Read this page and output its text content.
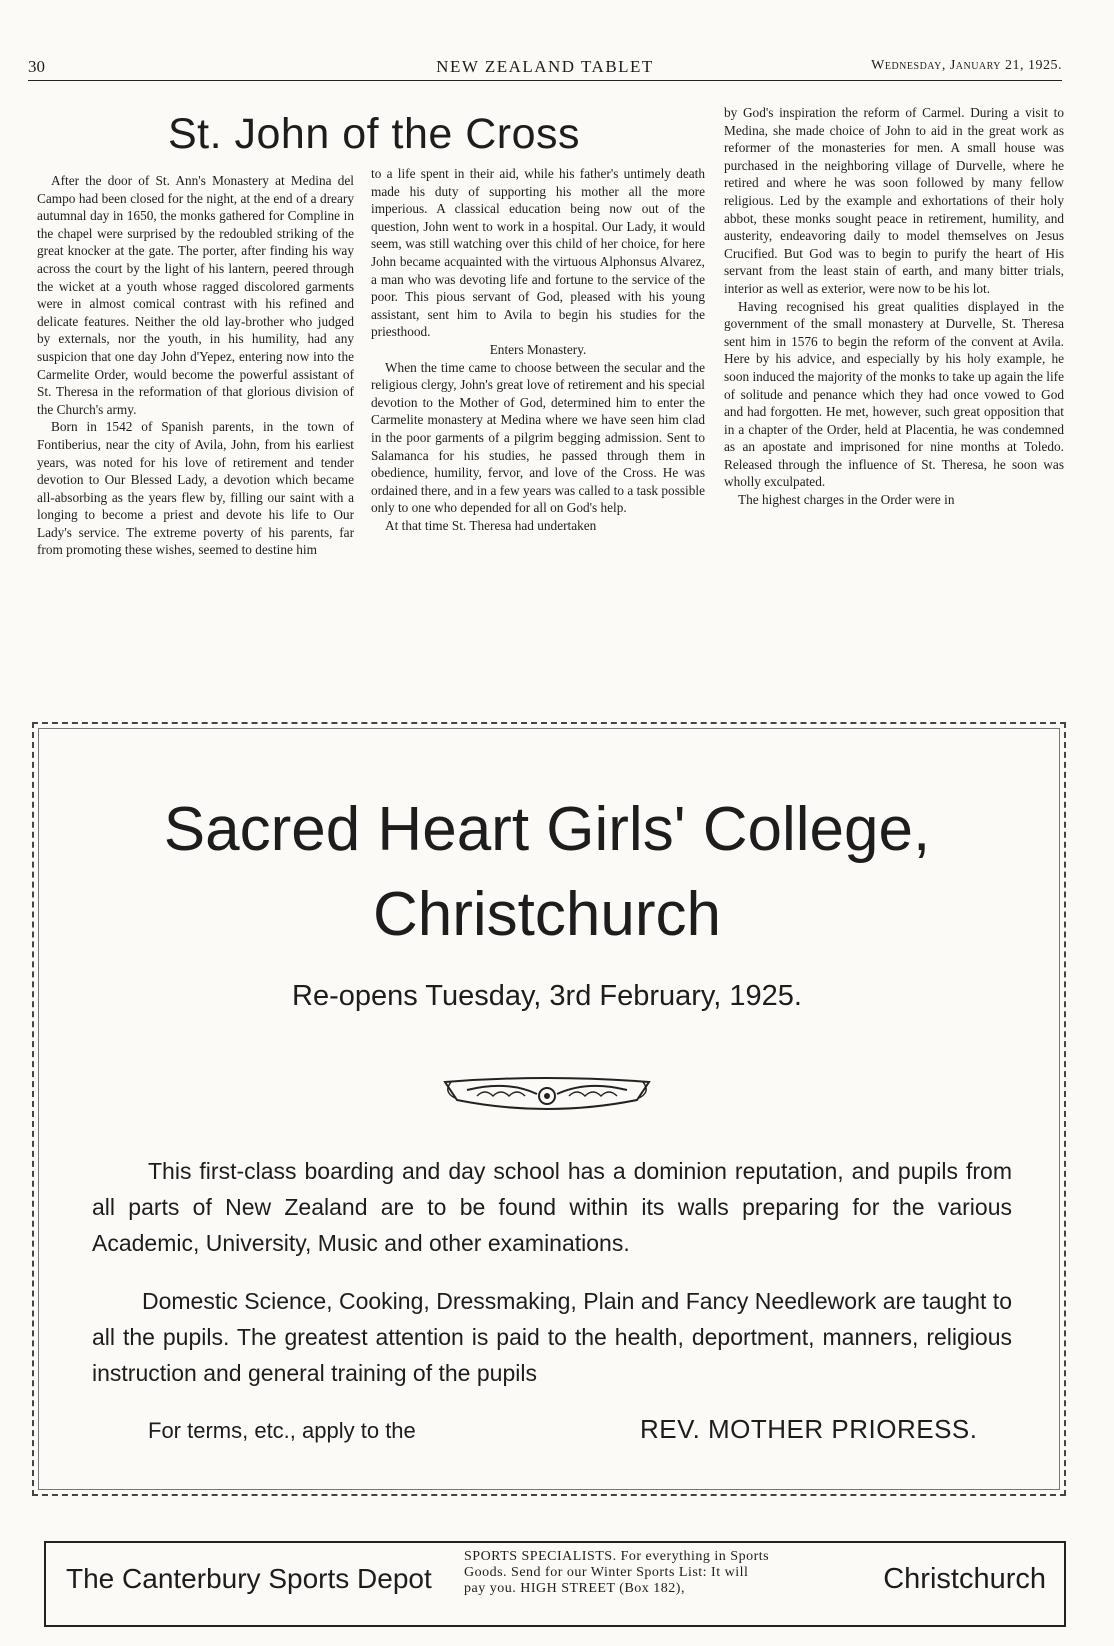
30	NEW ZEALAND TABLET	Wednesday, January 21, 1925.
St. John of the Cross

After the door of St. Ann's Monastery at Medina del Campo had been closed for the night, at the end of a dreary autumnal day in 1650, the monks gathered for Compline in the chapel were surprised by the redoubled striking of the great knocker at the gate. The porter, after finding his way across the court by the light of his lantern, peered through the wicket at a youth whose ragged discolored garments were in almost comical contrast with his refined and delicate features. Neither the old lay-brother who judged by externals, nor the youth, in his humility, had any suspicion that one day John d'Yepez, entering now into the Carmelite Order, would become the powerful assistant of St. Theresa in the reformation of that glorious division of the Church's army.

Born in 1542 of Spanish parents, in the town of Fontiberius, near the city of Avila, John, from his earliest years, was noted for his love of retirement and tender devotion to Our Blessed Lady, a devotion which became all-absorbing as the years flew by, filling our saint with a longing to become a priest and devote his life to Our Lady's service. The extreme poverty of his parents, far from promoting these wishes, seemed to destine him

to a life spent in their aid, while his father's untimely death made his duty of supporting his mother all the more imperious. A classical education being now out of the question, John went to work in a hospital. Our Lady, it would seem, was still watching over this child of her choice, for here John became acquainted with the virtuous Alphonsus Alvarez, a man who was devoting life and fortune to the service of the poor. This pious servant of God, pleased with his young assistant, sent him to Avila to begin his studies for the priesthood.

Enters Monastery.

When the time came to choose between the secular and the religious clergy, John's great love of retirement and his special devotion to the Mother of God, determined him to enter the Carmelite monastery at Medina where we have seen him clad in the poor garments of a pilgrim begging admission. Sent to Salamanca for his studies, he passed through them in obedience, humility, fervor, and love of the Cross. He was ordained there, and in a few years was called to a task possible only to one who depended for all on God's help.

At that time St. Theresa had undertaken

by God's inspiration the reform of Carmel. During a visit to Medina, she made choice of John to aid in the great work as reformer of the monasteries for men. A small house was purchased in the neighboring village of Durvelle, where he retired and where he was soon followed by many fellow religious. Led by the example and exhortations of their holy abbot, these monks sought peace in retirement, humility, and austerity, endeavoring daily to model themselves on Jesus Crucified. But God was to begin to purify the heart of His servant from the least stain of earth, and many bitter trials, interior as well as exterior, were now to be his lot.

Having recognised his great qualities displayed in the government of the small monastery at Durvelle, St. Theresa sent him in 1576 to begin the reform of the convent at Avila. Here by his advice, and especially by his holy example, he soon induced the majority of the monks to take up again the life of solitude and penance which they had once vowed to God and had forgotten. He met, however, such great opposition that in a chapter of the Order, held at Placentia, he was condemned as an apostate and imprisoned for nine months at Toledo. Released through the influence of St. Theresa, he soon was wholly exculpated.

The highest charges in the Order were in

Sacred Heart Girls' College,
Christchurch
Re-opens Tuesday, 3rd February, 1925.
This first-class boarding and day school has a dominion reputation, and pupils from all parts of New Zealand are to be found within its walls preparing for the various Academic, University, Music and other examinations.
Domestic Science, Cooking, Dressmaking, Plain and Fancy Needlework are taught to all the pupils. The greatest attention is paid to the health, deportment, manners, religious instruction and general training of the pupils
For terms, etc., apply to the	REV. MOTHER PRIORESS.
The Canterbury Sports Depot
SPORTS SPECIALISTS. For everything in Sports
Goods. Send for our Winter Sports List: It will
pay you. HIGH STREET (Box 182),	Christchurch
